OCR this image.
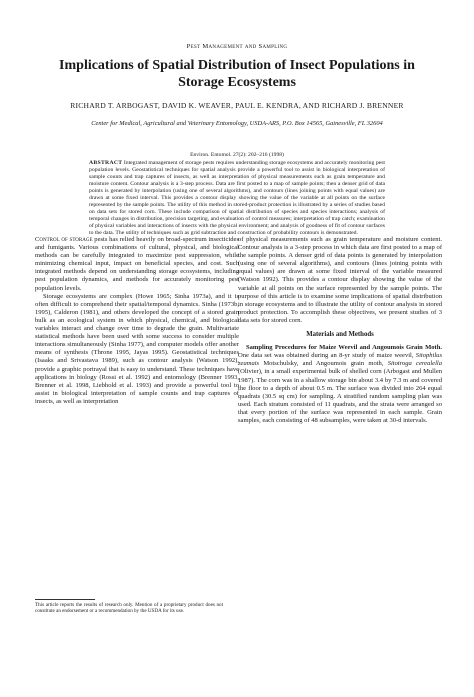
Pest Management and Sampling
Implications of Spatial Distribution of Insect Populations in Storage Ecosystems
RICHARD T. ARBOGAST, DAVID K. WEAVER, PAUL E. KENDRA, AND RICHARD J. BRENNER
Center for Medical, Agricultural and Veterinary Entomology, USDA-ARS, P.O. Box 14565, Gainesville, FL 32604
Environ. Entomol. 27(2): 202–216 (1998)
ABSTRACT Integrated management of storage pests requires understanding storage ecosystems and accurately monitoring pest population levels. Geostatistical techniques for spatial analysis provide a powerful tool to assist in biological interpretation of sample counts and trap captures of insects, as well as interpretation of physical measurements such as grain temperature and moisture content. Contour analysis is a 3-step process. Data are first posted to a map of sample points; then a denser grid of data points is generated by interpolation (using one of several algorithms), and contours (lines joining points with equal values) are drawn at some fixed interval. This provides a contour display showing the value of the variable at all points on the surface represented by the sample points. The utility of this method in stored-product protection is illustrated by a series of studies based on data sets for stored corn. These include comparison of spatial distribution of species and species interactions; analysis of temporal changes in distribution, precision targeting, and evaluation of control measures; interpretation of trap catch; examination of physical variables and interactions of insects with the physical environment; and analysis of goodness of fit of contour surfaces to the data. The utility of techniques such as grid subtraction and construction of probability contours is demonstrated.

Control of storage pests has relied heavily on broad-spectrum insecticides and fumigants. Various combinations of cultural, physical, and biological methods can be carefully integrated to maximize pest suppression, while minimizing chemical input, impact on beneficial species, and cost. Such integrated methods depend on understanding storage ecosystems, including pest population dynamics, and methods for accurately monitoring pest population levels.

Storage ecosystems are complex (Howe 1965; Sinha 1973a), and it is often difficult to comprehend their spatial/temporal dynamics. Sinha (1973b, 1995), Calderon (1981), and others developed the concept of a stored grain bulk as an ecological system in which physical, chemical, and biological variables interact and change over time to degrade the grain. Multivariate statistical methods have been used with some success to consider multiple interactions simultaneously (Sinha 1977), and computer models offer another means of synthesis (Throne 1995, Jayas 1995). Geostatistical techniques (Isaaks and Srivastava 1989), such as contour analysis (Watson 1992), provide a graphic portrayal that is easy to understand. These techniques have applications in biology (Rossi et al. 1992) and entomology (Brenner 1993, Brenner et al. 1998, Liebhold et al. 1993) and provide a powerful tool to assist in biological interpretation of sample counts and trap captures of insects, as well as interpretation

of physical measurements such as grain temperature and moisture content. Contour analysis is a 3-step process in which data are first posted to a map of the sample points. A denser grid of data points is generated by interpolation (using one of several algorithms), and contours (lines joining points with equal values) are drawn at some fixed interval of the variable measured (Watson 1992). This provides a contour display showing the value of the variable at all points on the surface represented by the sample points. The purpose of this article is to examine some implications of spatial distribution in storage ecosystems and to illustrate the utility of contour analysis in stored product protection. To accomplish these objectives, we present studies of 3 data sets for stored corn.

Materials and Methods

Sampling Procedures for Maize Weevil and Angoumois Grain Moth. One data set was obtained during an 8-yr study of maize weevil, Sitophilus zeamais Motschulsky, and Angoumois grain moth, Sitotroga cerealella (Olivier), in a small experimental bulk of shelled corn (Arbogast and Mullen 1987). The corn was in a shallow storage bin about 3.4 by 7.3 m and covered the floor to a depth of about 0.5 m. The surface was divided into 264 equal quadrats (30.5 sq cm) for sampling. A stratified random sampling plan was used. Each stratum consisted of 11 quadrats, and the strata were arranged so that every portion of the surface was represented in each sample. Grain samples, each consisting of 48 subsamples, were taken at 30-d intervals.

This article reports the results of research only. Mention of a proprietary product does not constitute an endorsement or a recommendation by the USDA for its use.
